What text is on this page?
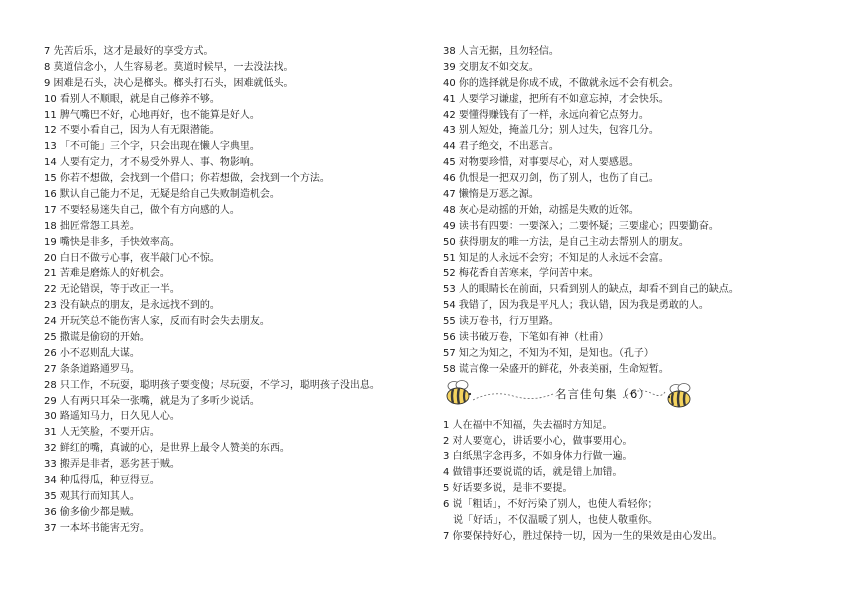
7 先苦后乐，这才是最好的享受方式。
8 莫道信念小，人生容易老。莫道时候早，一去没法找。
9 困难是石头，决心是榔头。榔头打石头，困难就低头。
10 看别人不顺眼，就是自己修养不够。
11 脾气嘴巴不好，心地再好，也不能算是好人。
12 不要小看自己，因为人有无限潜能。
13 「不可能」三个字，只会出现在懒人字典里。
14 人要有定力，才不易受外界人、事、物影响。
15 你若不想做，会找到一个借口；你若想做，会找到一个方法。
16 默认自己能力不足，无疑是给自己失败制造机会。
17 不要轻易迷失自己，做个有方向感的人。
18 拙匠常怨工具差。
19 嘴快是非多，手快效率高。
20 白日不做亏心事，夜半敲门心不惊。
21 苦难是磨炼人的好机会。
22 无论错误，等于改正一半。
23 没有缺点的朋友，是永远找不到的。
24 开玩笑总不能伤害人家，反而有时会失去朋友。
25 撒谎是偷窃的开始。
26 小不忍则乱大谋。
27 条条道路通罗马。
28 只工作，不玩耍，聪明孩子要变傻；尽玩耍，不学习，聪明孩子没出息。
29 人有两只耳朵一张嘴，就是为了多听少说话。
30 路遥知马力，日久见人心。
31 人无笑脸，不要开店。
32 鲜红的嘴，真诚的心，是世界上最令人赞美的东西。
33 搬弄是非者，恶劣甚于贼。
34 种瓜得瓜，种豆得豆。
35 观其行而知其人。
36 偷多偷少都是贼。
37 一本坏书能害无穷。
38 人言无据，且勿轻信。
39 交朋友不如交友。
40 你的选择就是你成不成，不做就永远不会有机会。
41 人要学习谦虚，把所有不如意忘掉，才会快乐。
42 要懂得赚钱有了一样，永远向着它点努力。
43 别人短处，掩盖几分；别人过失，包容几分。
44 君子绝交，不出恶言。
45 对物要珍惜，对事要尽心，对人要感恩。
46 仇恨是一把双刃剑，伤了别人，也伤了自己。
47 懒惰是万恶之源。
48 灰心是动摇的开始，动摇是失败的近邻。
49 读书有四要：一要深入；二要怀疑；三要虚心；四要勤奋。
50 获得朋友的唯一方法，是自己主动去帮别人的朋友。
51 知足的人永远不会穷；不知足的人永远不会富。
52 梅花香自苦寒来，学问苦中来。
53 人的眼睛长在前面，只看到别人的缺点，却看不到自己的缺点。
54 我错了，因为我是平凡人；我认错，因为我是勇敢的人。
55 读万卷书，行万里路。
56 读书破万卷，下笔如有神（杜甫）
57 知之为知之，不知为不知，是知也。（孔子）
58 谎言像一朵盛开的鲜花，外表美丽，生命短暂。
名言佳句集（6）
1 人在福中不知福，失去福时方知足。
2 对人要宽心，讲话要小心，做事要用心。
3 白纸黑字念再多，不如身体力行做一遍。
4 做错事还要说谎的话，就是错上加错。
5 好话要多说，是非不要提。
6 说「粗话」，不好污染了别人，也使人看轻你；
说「好话」，不仅温暖了别人，也使人敬重你。
7 你要保持好心，胜过保持一切，因为一生的果效是由心发出。
